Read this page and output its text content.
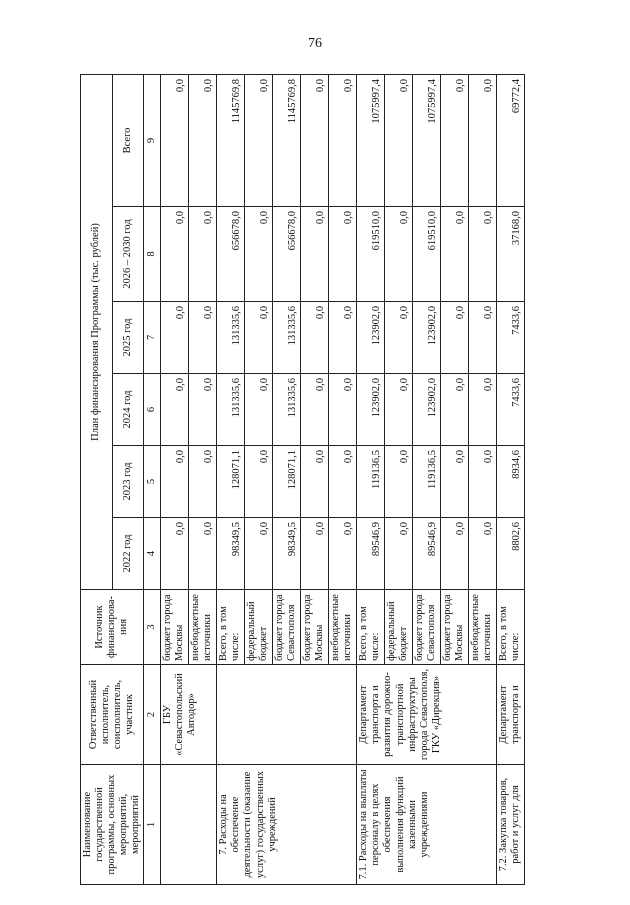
76
Наименование государственной программы, основных мероприятий, мероприятий	Ответственный исполнитель, соисполнитель, участник	Источник финансирова-ния	План финансирования Программы (тыс. рублей)					
			2022 год	2023 год	2024 год	2025 год	2026 – 2030 год	Всего
1	2	3	4	5	6	7	8	9
	ГБУ «Севастопольский Автодор»	бюджет города Москвы	0,0	0,0	0,0	0,0	0,0	0,0
		внебюджетные источники	0,0	0,0	0,0	0,0	0,0	0,0
7. Расходы на обеспечение деятельности (оказание услуг) государственных учреждений		Всего, в том числе:	98349,5	128071,1	131335,6	131335,6	656678,0	1145769,8
		федеральный бюджет	0,0	0,0	0,0	0,0	0,0	0,0
		бюджет города Севастополя	98349,5	128071,1	131335,6	131335,6	656678,0	1145769,8
		бюджет города Москвы	0,0	0,0	0,0	0,0	0,0	0,0
		внебюджетные источники	0,0	0,0	0,0	0,0	0,0	0,0
7.1. Расходы на выплаты персоналу в целях обеспечения выполнения функций казенными учреждениями	Департамент транспорта и развития дорожно-транспортной инфраструктуры города Севастополя, ГКУ «Дирекция»	Всего, в том числе:	89546,9	119136,5	123902,0	123902,0	619510,0	1075997,4
		федеральный бюджет	0,0	0,0	0,0	0,0	0,0	0,0
		бюджет города Севастополя	89546,9	119136,5	123902,0	123902,0	619510,0	1075997,4
		бюджет города Москвы	0,0	0,0	0,0	0,0	0,0	0,0
		внебюджетные источники	0,0	0,0	0,0	0,0	0,0	0,0
7.2. Закупка товаров, работ и услуг для	Департамент транспорта и	Всего, в том числе:	8802,6	8934,6	7433,6	7433,6	37168,0	69772,4
